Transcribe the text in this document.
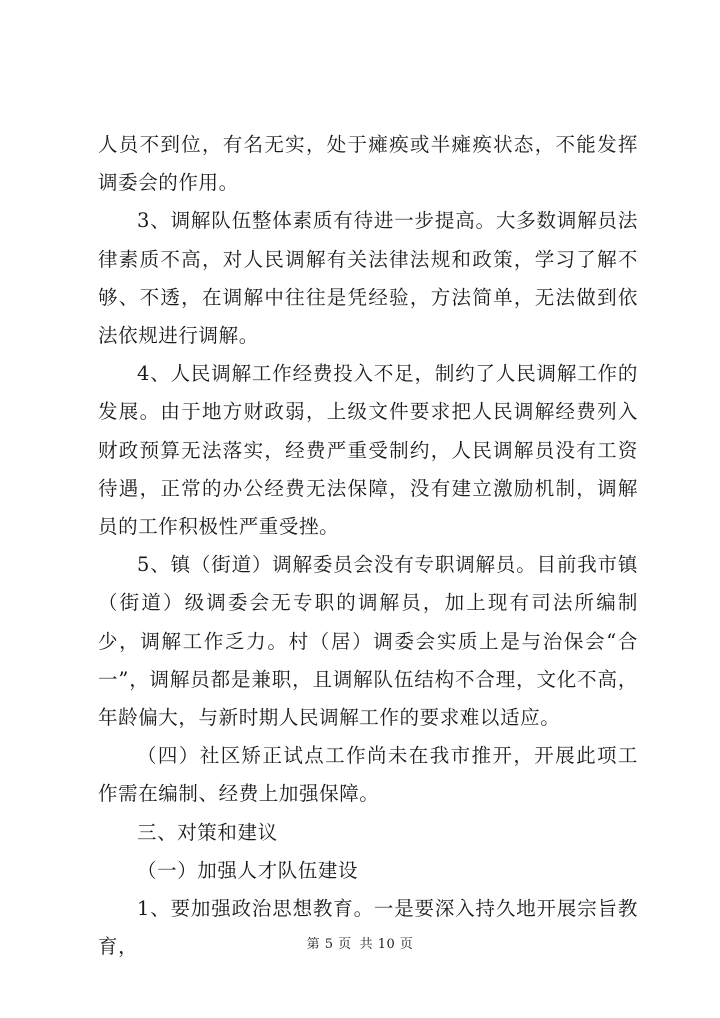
人员不到位，有名无实，处于瘫痪或半瘫痪状态，不能发挥调委会的作用。

3、调解队伍整体素质有待进一步提高。大多数调解员法律素质不高，对人民调解有关法律法规和政策，学习了解不够、不透，在调解中往往是凭经验，方法简单，无法做到依法依规进行调解。

4、人民调解工作经费投入不足，制约了人民调解工作的发展。由于地方财政弱，上级文件要求把人民调解经费列入财政预算无法落实，经费严重受制约，人民调解员没有工资待遇，正常的办公经费无法保障，没有建立激励机制，调解员的工作积极性严重受挫。

5、镇（街道）调解委员会没有专职调解员。目前我市镇（街道）级调委会无专职的调解员，加上现有司法所编制少，调解工作乏力。村（居）调委会实质上是与治保会“合一”，调解员都是兼职，且调解队伍结构不合理，文化不高，年龄偏大，与新时期人民调解工作的要求难以适应。

（四）社区矫正试点工作尚未在我市推开，开展此项工作需在编制、经费上加强保障。

三、对策和建议

（一）加强人才队伍建设

1、要加强政治思想教育。一是要深入持久地开展宗旨教育，	第 5 页 共 10 页
